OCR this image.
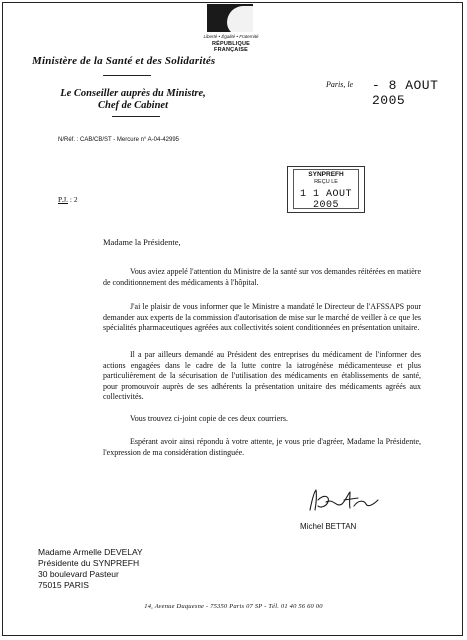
Liberté • Égalité • Fraternité
RÉPUBLIQUE FRANÇAISE
Ministère de la Santé et des Solidarités
Le Conseiller auprès du Ministre,
Chef de Cabinet
Paris, le - 8 AOUT 2005
N/Réf. : CAB/CB/ST - Mercure n° A-04-42995
SYNPREFH
REÇU LE
1 1 AOUT 2005
P.J. : 2
Madame la Présidente,

Vous aviez appelé l'attention du Ministre de la santé sur vos demandes réitérées en matière de conditionnement des médicaments à l'hôpital.

J'ai le plaisir de vous informer que le Ministre a mandaté le Directeur de l'AFSSAPS pour demander aux experts de la commission d'autorisation de mise sur le marché de veiller à ce que les spécialités pharmaceutiques agréées aux collectivités soient conditionnées en présentation unitaire.

Il a par ailleurs demandé au Président des entreprises du médicament de l'informer des actions engagées dans le cadre de la lutte contre la iatrogénèse médicamenteuse et plus particulièrement de la sécurisation de l'utilisation des médicaments en établissements de santé, pour promouvoir auprès de ses adhérents la présentation unitaire des médicaments agréés aux collectivités.

Vous trouvez ci-joint copie de ces deux courriers.

Espérant avoir ainsi répondu à votre attente, je vous prie d'agréer, Madame la Présidente, l'expression de ma considération distinguée.

Michel BETTAN
Madame Armelle DEVELAY
Présidente du SYNPREFH
30 boulevard Pasteur
75015 PARIS
14, Avenue Duquesne - 75350 Paris 07 SP - Tél. 01 40 56 60 00
